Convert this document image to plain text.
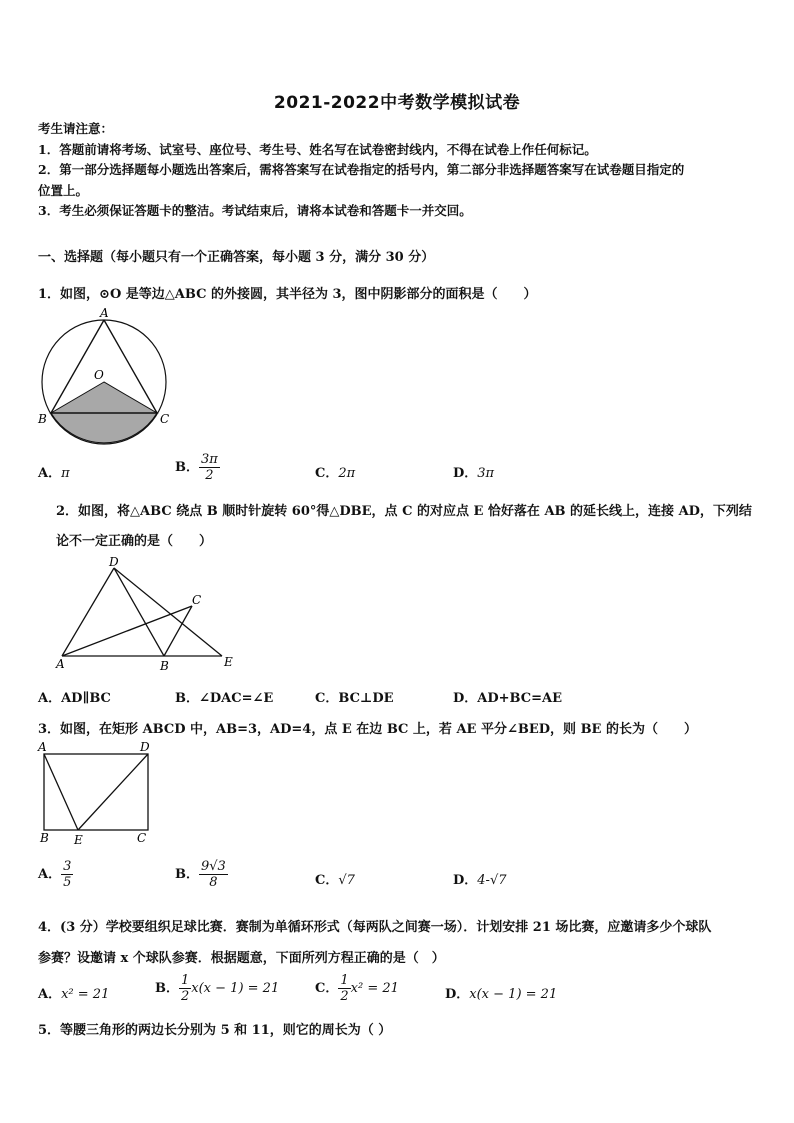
2021-2022中考数学模拟试卷
考生请注意：
1．答题前请将考场、试室号、座位号、考生号、姓名写在试卷密封线内，不得在试卷上作任何标记。
2．第一部分选择题每小题选出答案后，需将答案写在试卷指定的括号内，第二部分非选择题答案写在试卷题目指定的
位置上。
3．考生必须保证答题卡的整洁。考试结束后，请将本试卷和答题卡一并交回。
一、选择题（每小题只有一个正确答案，每小题 3 分，满分 30 分）
1．如图，⊙O 是等边△ABC 的外接圆，其半径为 3，图中阴影部分的面积是（　　）
A
O
B	C
A．π	B． $\frac{3\pi}{2}$	C．2π	D．3π
2．如图，将△ABC 绕点 B 顺时针旋转 60°得△DBE，点 C 的对应点 E 恰好落在 AB 的延长线上，连接 AD，下列结
论不一定正确的是（　　）
D
C
A	B	E
A．AD∥BC	B．∠DAC=∠E	C．BC⊥DE	D．AD+BC=AE
3．如图，在矩形 ABCD 中，AB=3，AD=4，点 E 在边 BC 上，若 AE 平分∠BED，则 BE 的长为（　　）
A	D
B E	C
A． $\frac{3}{5}$	B． $\frac{9√3}{8}$	C．√7	D．4-√7
4．(3 分）学校要组织足球比赛．赛制为单循环形式（每两队之间赛一场）．计划安排 21 场比赛，应邀请多少个球队
参赛？设邀请 x 个球队参赛．根据题意，下面所列方程正确的是（　）
A．x² = 21	B． $\frac{1}{2} x(x - 1) = 21$	C． $\frac{1}{2} x^2 = 21$	D．x(x − 1) = 21
5．等腰三角形的两边长分别为 5 和 11，则它的周长为（ ）
